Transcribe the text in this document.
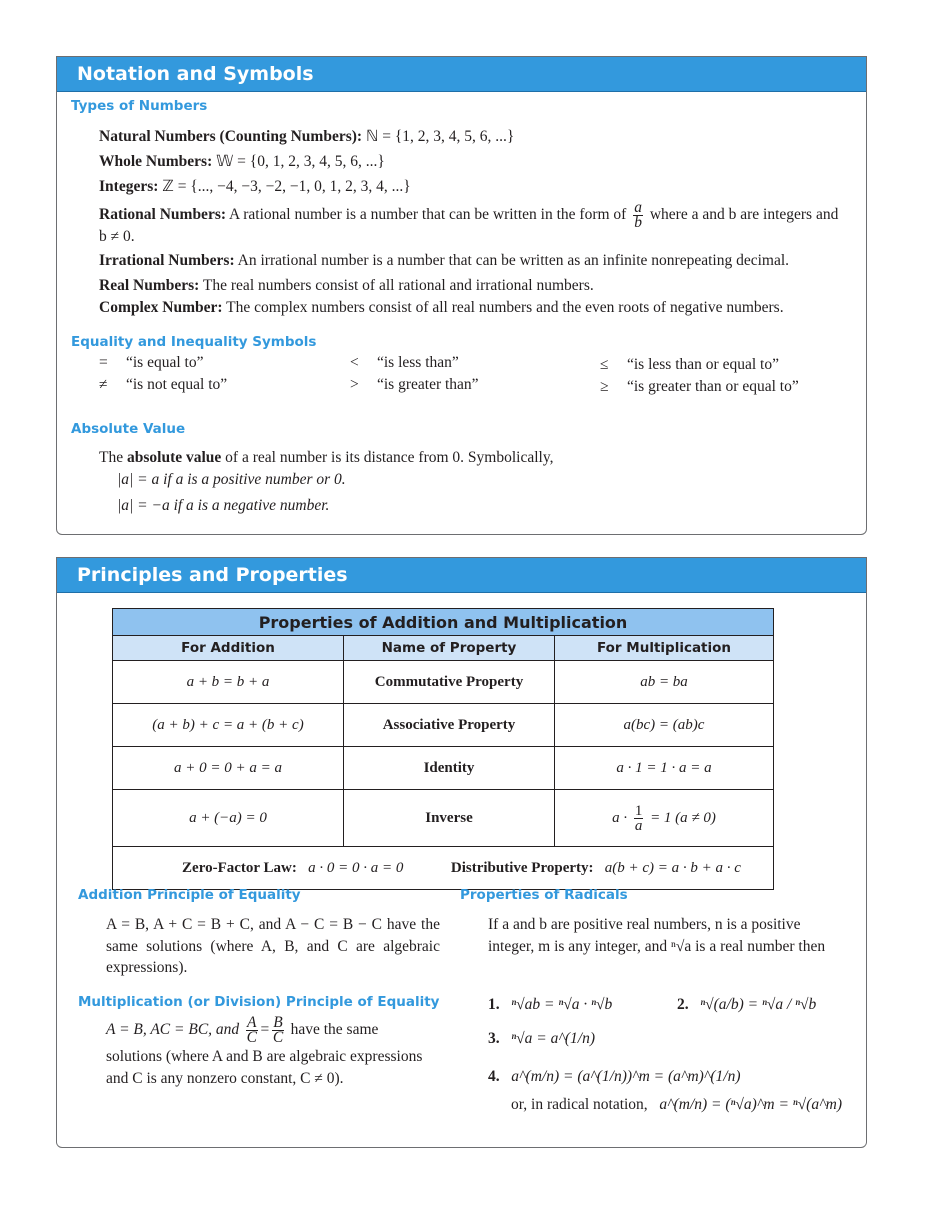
Notation and Symbols
Types of Numbers
Natural Numbers (Counting Numbers): ℕ = {1, 2, 3, 4, 5, 6, ...}
Whole Numbers: 𝕎 = {0, 1, 2, 3, 4, 5, 6, ...}
Integers: ℤ = {..., −4, −3, −2, −1, 0, 1, 2, 3, 4, ...}
Rational Numbers: A rational number is a number that can be written in the form of $\frac{a}{b}$ where a and b are integers and
b ≠ 0.
Irrational Numbers: An irrational number is a number that can be written as an infinite nonrepeating decimal.
Real Numbers: The real numbers consist of all rational and irrational numbers.
Complex Number: The complex numbers consist of all real numbers and the even roots of negative numbers.
Equality and Inequality Symbols
= “is equal to”
≠ “is not equal to”
< “is less than”
> “is greater than”
≤ “is less than or equal to”
≥ “is greater than or equal to”
Absolute Value
The absolute value of a real number is its distance from 0. Symbolically,
|a| = a if a is a positive number or 0.
|a| = −a if a is a negative number.
Principles and Properties
Properties of Addition and Multiplication		
For Addition	Name of Property	For Multiplication
a + b = b + a	Commutative Property	ab = ba
(a + b) + c = a + (b + c)	Associative Property	a(bc) = (ab)c
a + 0 = 0 + a = a	Identity	a · 1 = 1 · a = a
a + (−a) = 0	Inverse	$a \cdot \frac{1}{a} = 1$ (a ≠ 0)
Zero-Factor Law: a · 0 = 0 · a = 0 Distributive Property: a(b + c) = a · b + a · c		
Addition Principle of Equality
A = B, A + C = B + C, and A − C = B − C have the same solutions (where A, B, and C are algebraic expressions).
Multiplication (or Division) Principle of Equality
A = B, AC = BC, and $\frac{A}{C} = \frac{B}{C}$ have the same
solutions (where A and B are algebraic expressions and C is any nonzero constant, C ≠ 0).
Properties of Radicals
If a and b are positive real numbers, n is a positive integer, m is any integer, and ⁿ√a is a real number then
1. ⁿ√ab = ⁿ√a · ⁿ√b	2. ⁿ√(a/b) = ⁿ√a / ⁿ√b
3. ⁿ√a = a^(1/n)
4. a^(m/n) = (a^(1/n))^m = (a^m)^(1/n)
or, in radical notation, a^(m/n) = (ⁿ√a)^m = ⁿ√(a^m)
